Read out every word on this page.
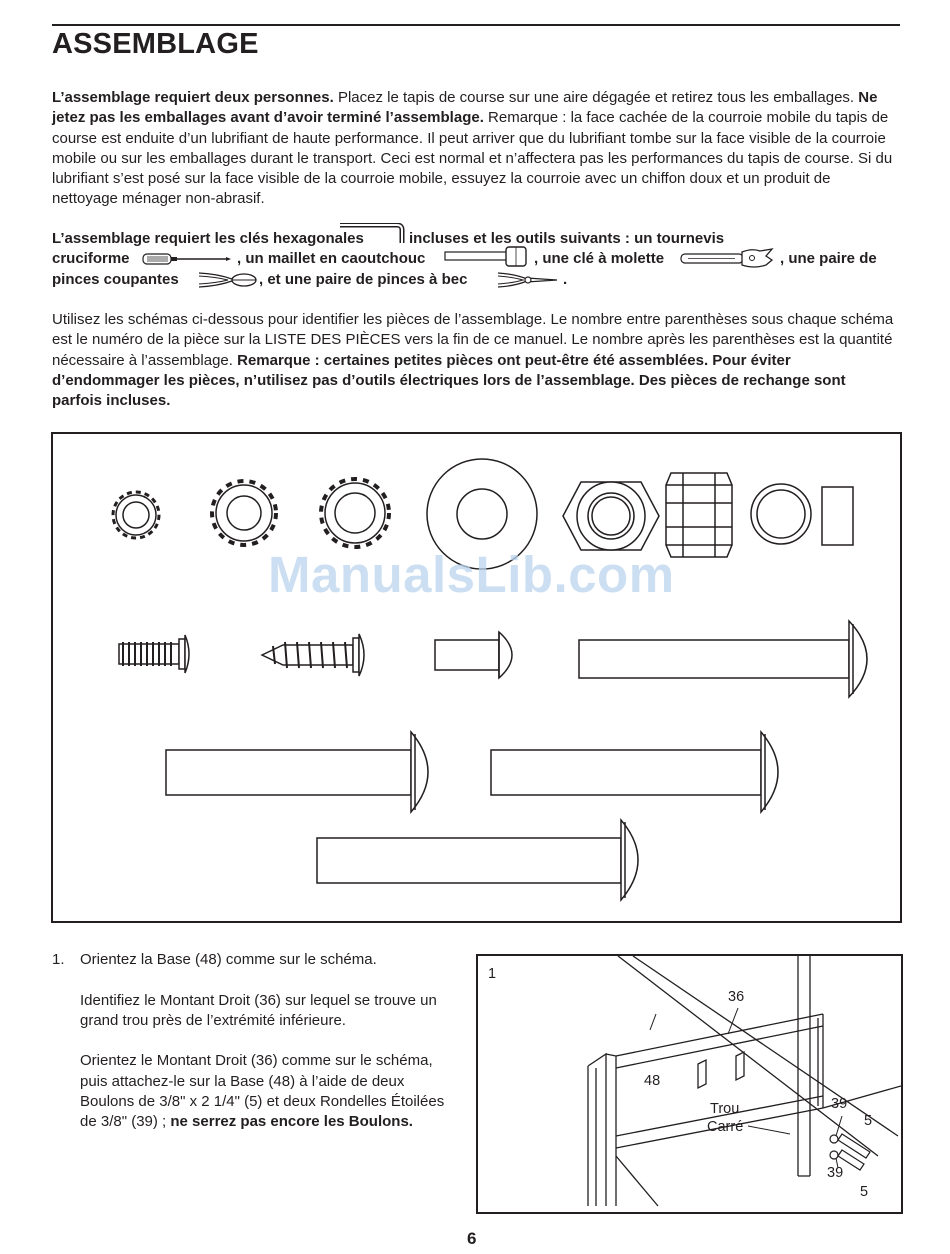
ASSEMBLAGE

L’assemblage requiert deux personnes. Placez le tapis de course sur une aire dégagée et retirez tous les emballages. Ne jetez pas les emballages avant d’avoir terminé l’assemblage. Remarque : la face cachée de la courroie mobile du tapis de course est enduite d’un lubrifiant de haute performance. Il peut arriver que du lubrifiant tombe sur la face visible de la courroie mobile ou sur les emballages durant le transport. Ceci est normal et n’affectera pas les performances du tapis de course. Si du lubrifiant s’est posé sur la face visible de la courroie mobile, essuyez la courroie avec un chiffon doux et un produit de nettoyage ménager non-abrasif.

L’assemblage requiert les clés hexagonales	incluses et les outils suivants : un tournevis
cruciforme	, un maillet en caoutchouc	, une clé à molette	, une paire de
pinces coupantes	, et une paire de pinces à bec	.

Utilisez les schémas ci-dessous pour identifier les pièces de l’assemblage. Le nombre entre parenthèses sous chaque schéma est le numéro de la pièce sur la LISTE DES PIÈCES vers la fin de ce manuel. Le nombre après les parenthèses est la quantité nécessaire à l’assemblage. Remarque : certaines petites pièces ont peut-être été assemblées. Pour éviter d’endommager les pièces, n’utilisez pas d’outils électriques lors de l’assemblage. Des pièces de rechange sont parfois incluses.

ManualsLib.com
1. Orientez la Base (48) comme sur le schéma.

Identifiez le Montant Droit (36) sur lequel se trouve un grand trou près de l’extrémité inférieure.

Orientez le Montant Droit (36) comme sur le schéma, puis attachez-le sur la Base (48) à l’aide de deux Boulons de 3/8" x 2 1/4" (5) et deux Rondelles Étoilées de 3/8" (39) ; ne serrez pas encore les Boulons.

1
36
48
Trou
Carré
39
39
5
5
6
